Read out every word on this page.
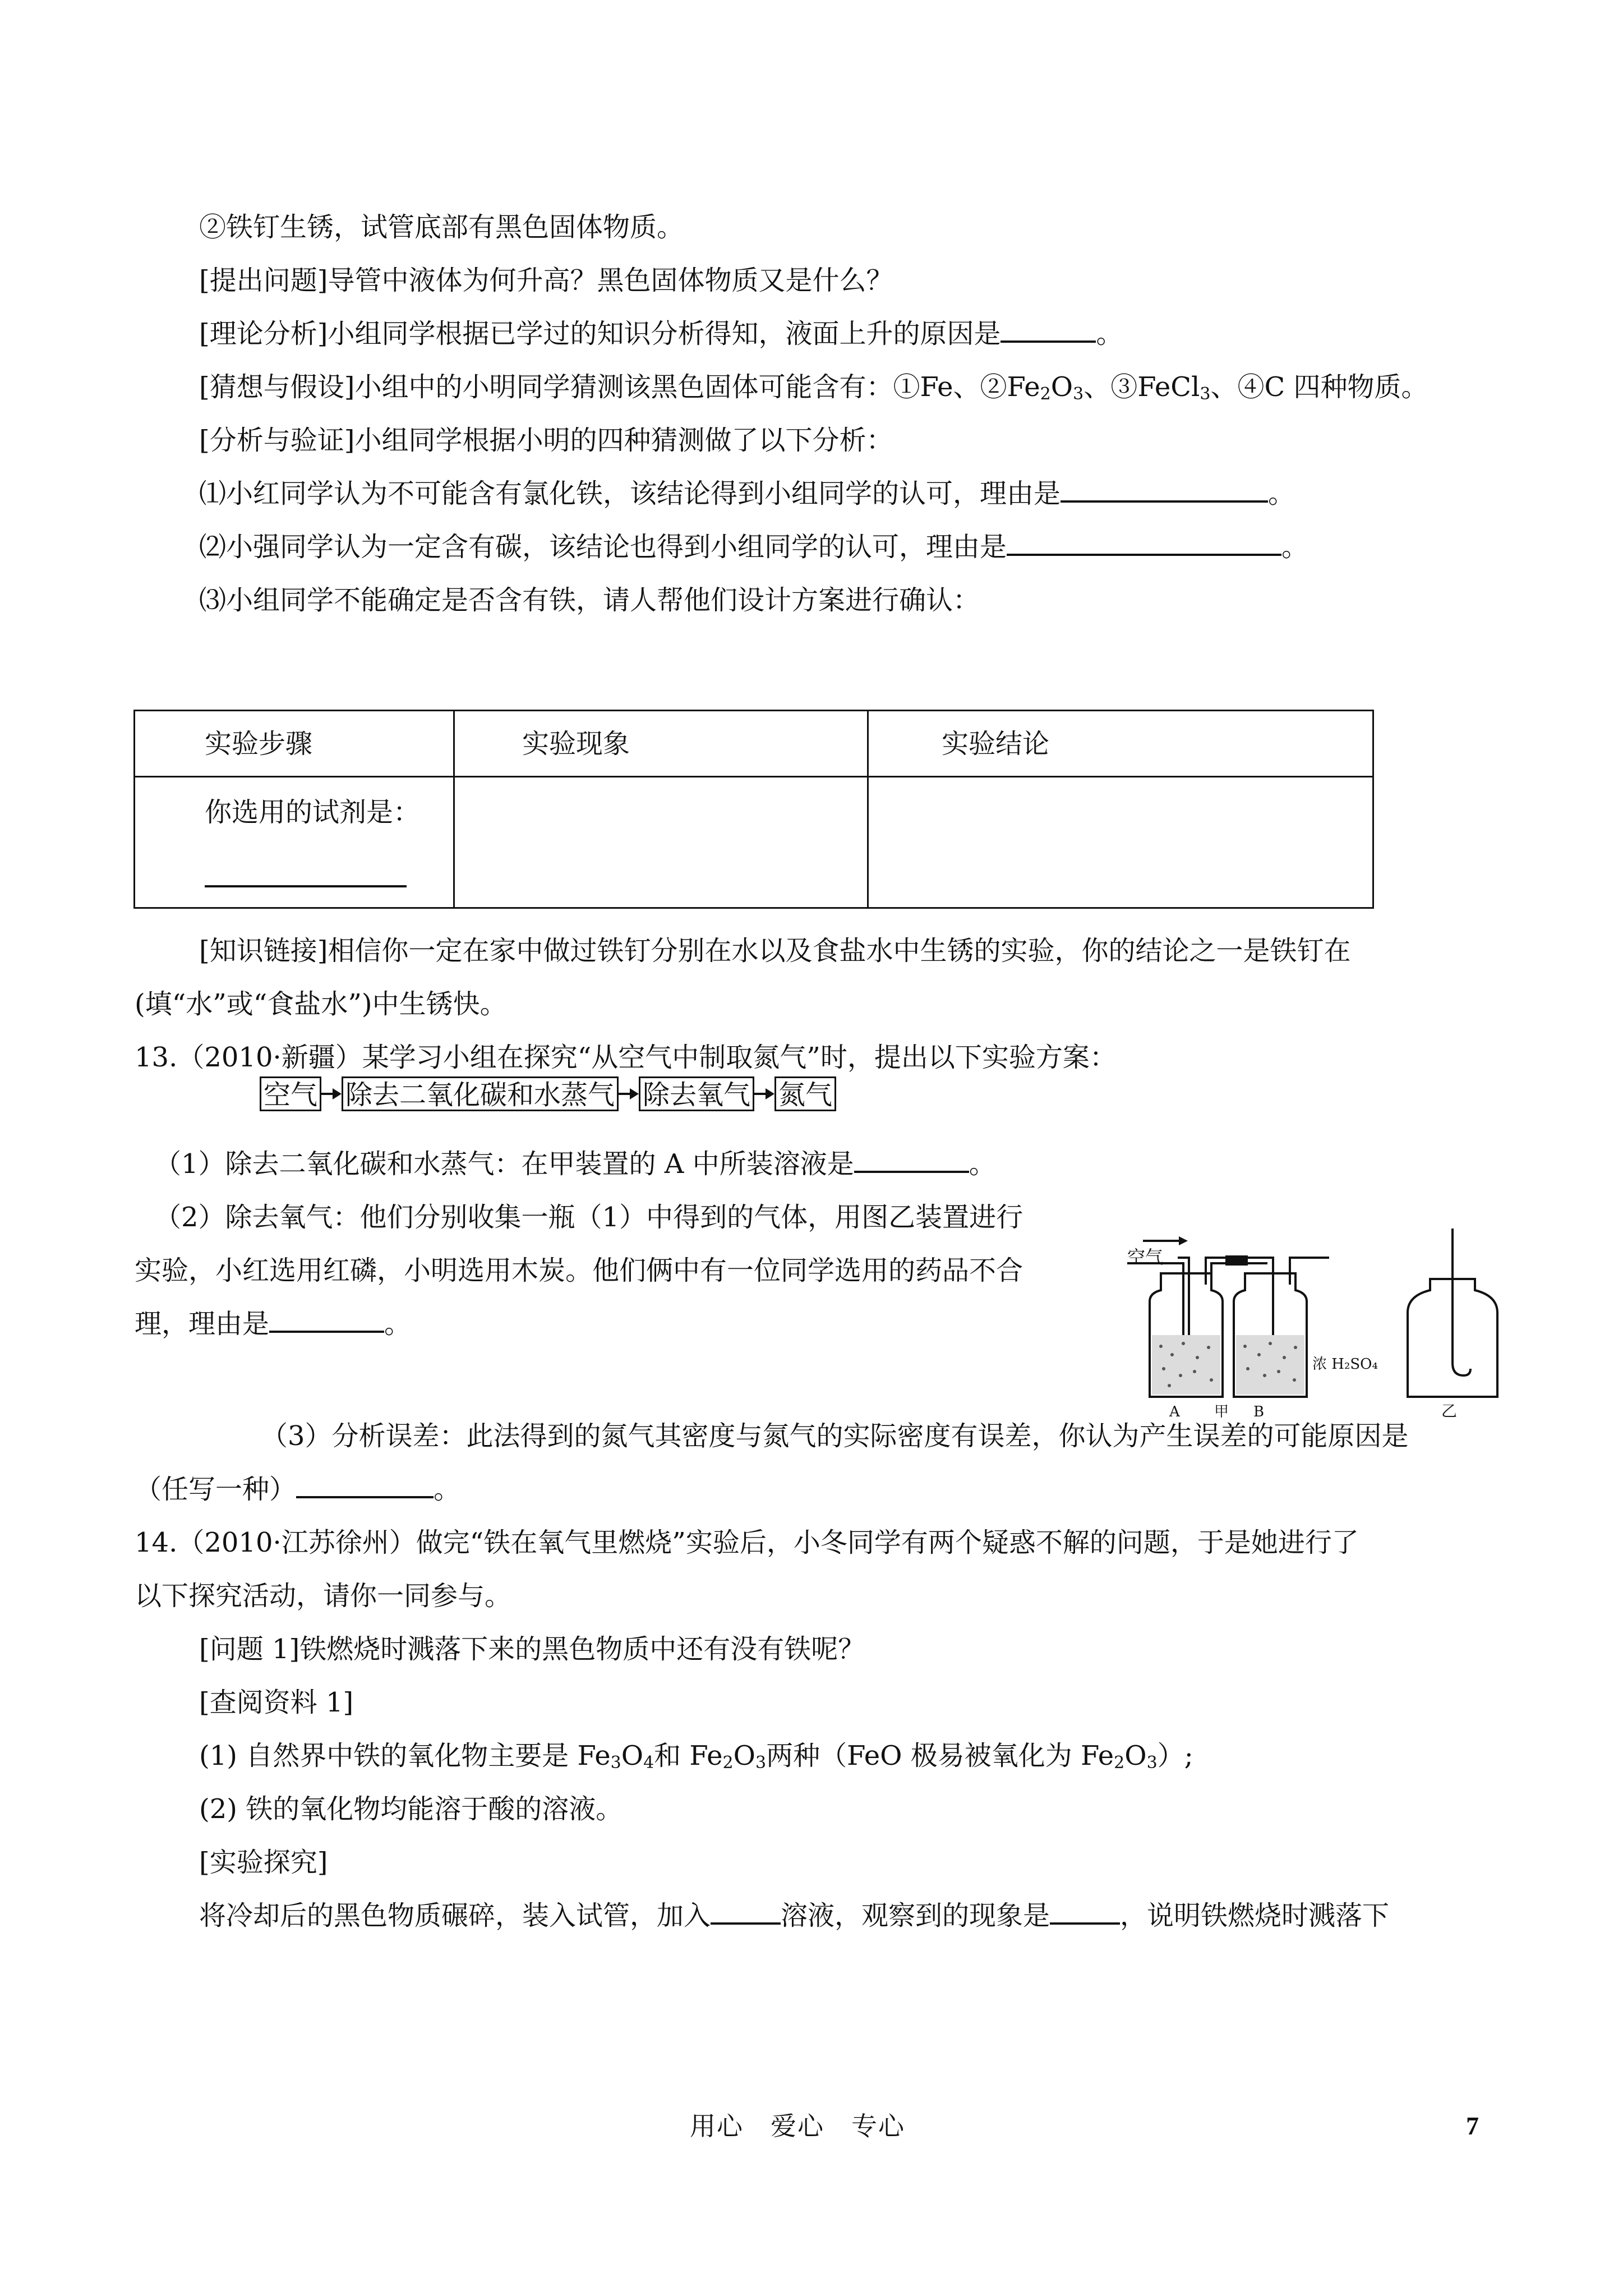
②铁钉生锈，试管底部有黑色固体物质。
[提出问题]导管中液体为何升高？黑色固体物质又是什么？
[理论分析]小组同学根据已学过的知识分析得知，液面上升的原因是	。
[猜想与假设]小组中的小明同学猜测该黑色固体可能含有：①Fe、$②Fe_2O_3$、③FeCl$_3$、④C 四种物质。
[分析与验证]小组同学根据小明的四种猜测做了以下分析：
⑴小红同学认为不可能含有氯化铁，该结论得到小组同学的认可，理由是	。
⑵小强同学认为一定含有碳，该结论也得到小组同学的认可，理由是	。
⑶小组同学不能确定是否含有铁，请人帮他们设计方案进行确认：
实验步骤	实验现象	实验结论
你选用的试剂是：
[知识链接]相信你一定在家中做过铁钉分别在水以及食盐水中生锈的实验，你的结论之一是铁钉在
(填“水”或“食盐水”)中生锈快。
13.（2010·新疆）某学习小组在探究“从空气中制取氮气”时，提出以下实验方案：
空气 除去二氧化碳和水蒸气 除去氧气 氮气
（1）除去二氧化碳和水蒸气：在甲装置的 A 中所装溶液是	。
（2）除去氧气：他们分别收集一瓶（1）中得到的气体，用图乙装置进行
实验，小红选用红磷，小明选用木炭。他们俩中有一位同学选用的药品不合
理，理由是	。
空气
浓 H₂SO₄
A 甲 B	乙
（3）分析误差：此法得到的氮气其密度与氮气的实际密度有误差，你认为产生误差的可能原因是
（任写一种）	。
14.（2010·江苏徐州）做完“铁在氧气里燃烧”实验后，小冬同学有两个疑惑不解的问题，于是她进行了
以下探究活动，请你一同参与。
[问题 1]铁燃烧时溅落下来的黑色物质中还有没有铁呢？
[查阅资料 1]
(1) 自然界中铁的氧化物主要是 $Fe_3O_4$和 $Fe_2O_3$两种（FeO 极易被氧化为 $Fe_2O_3$）;
(2) 铁的氧化物均能溶于酸的溶液。
[实验探究]
将冷却后的黑色物质碾碎，装入试管，加入	溶液，观察到的现象是	，说明铁燃烧时溅落下
用心　爱心　专心	7
